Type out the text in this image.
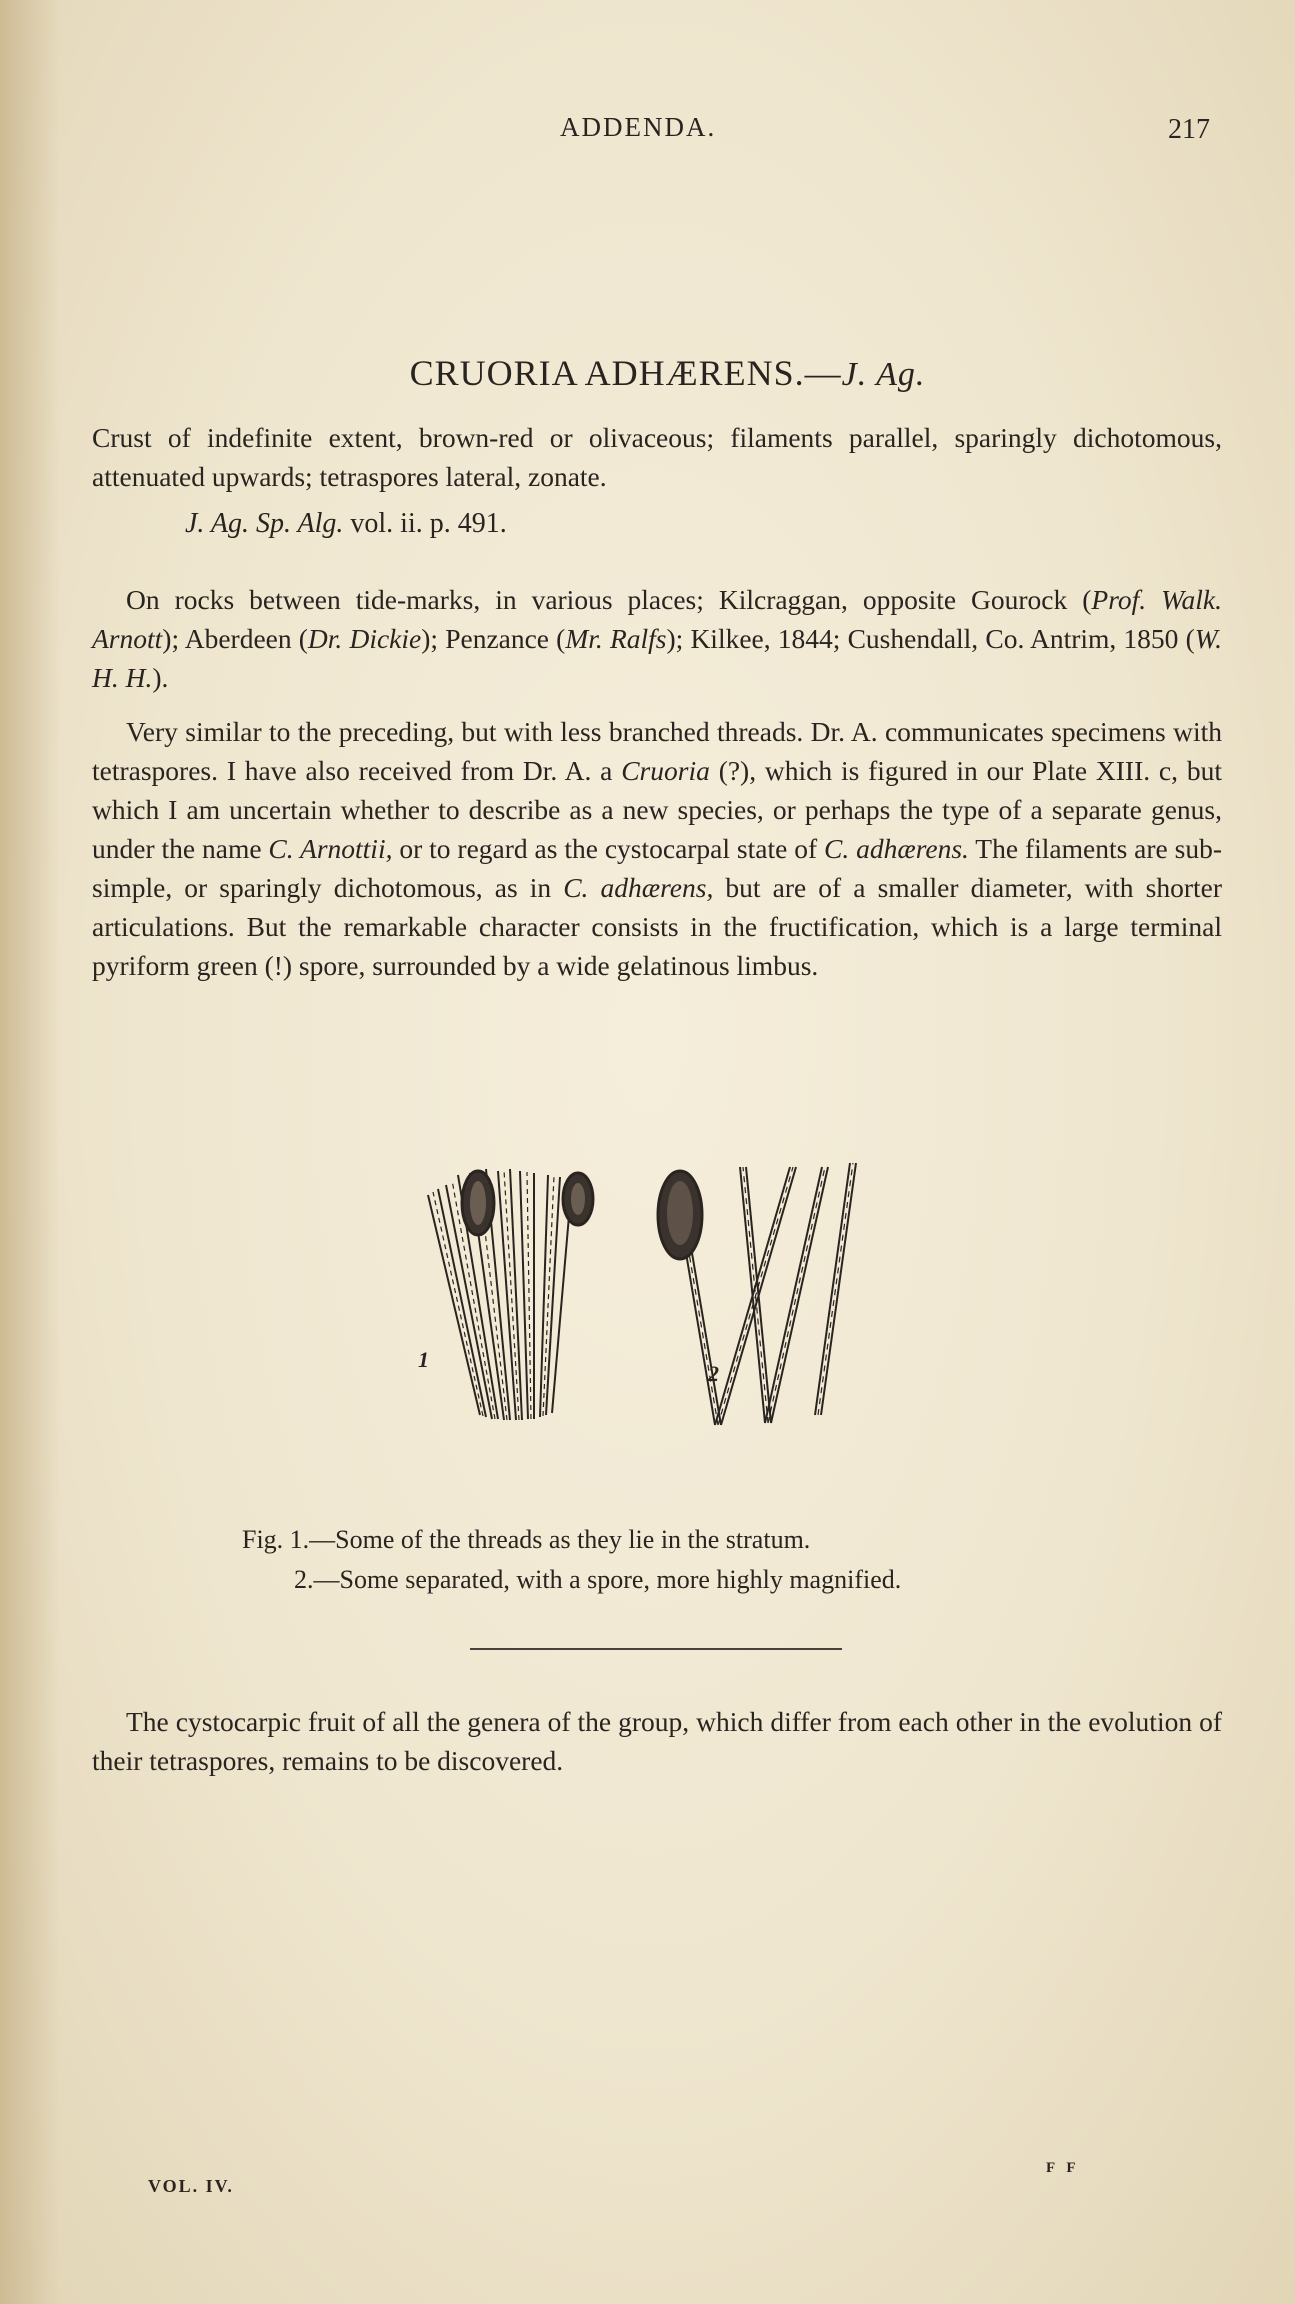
ADDENDA.	217
CRUORIA ADHÆRENS.—J. Ag.

Crust of indefinite extent, brown-red or olivaceous; filaments parallel, sparingly dichotomous, attenuated upwards; tetraspores lateral, zonate.

J. Ag. Sp. Alg. vol. ii. p. 491.

On rocks between tide-marks, in various places; Kilcraggan, opposite Gourock (Prof. Walk. Arnott); Aberdeen (Dr. Dickie); Penzance (Mr. Ralfs); Kilkee, 1844; Cushendall, Co. Antrim, 1850 (W. H. H.).

Very similar to the preceding, but with less branched threads. Dr. A. communicates specimens with tetraspores. I have also received from Dr. A. a Cruoria (?), which is figured in our Plate XIII. c, but which I am uncertain whether to describe as a new species, or perhaps the type of a separate genus, under the name C. Arnottii, or to regard as the cystocarpal state of C. adhærens. The filaments are sub-simple, or sparingly dichotomous, as in C. adhærens, but are of a smaller diameter, with shorter articulations. But the remarkable character consists in the fructification, which is a large terminal pyriform green (!) spore, surrounded by a wide gelatinous limbus.

1
2
Fig. 1.—Some of the threads as they lie in the stratum.
2.—Some separated, with a spore, more highly magnified.

The cystocarpic fruit of all the genera of the group, which differ from each other in the evolution of their tetraspores, remains to be discovered.

VOL. IV.
F F
